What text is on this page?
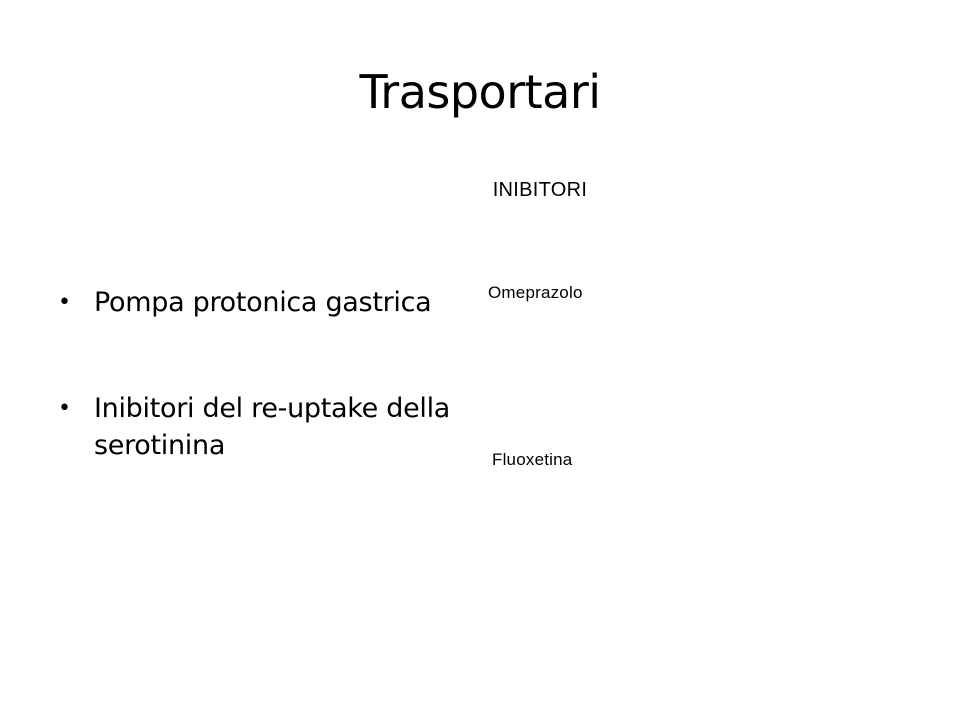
Trasportari
INIBITORI
• Pompa protonica gastrica
• Inibitori del re-uptake della serotinina
Omeprazolo
Fluoxetina
